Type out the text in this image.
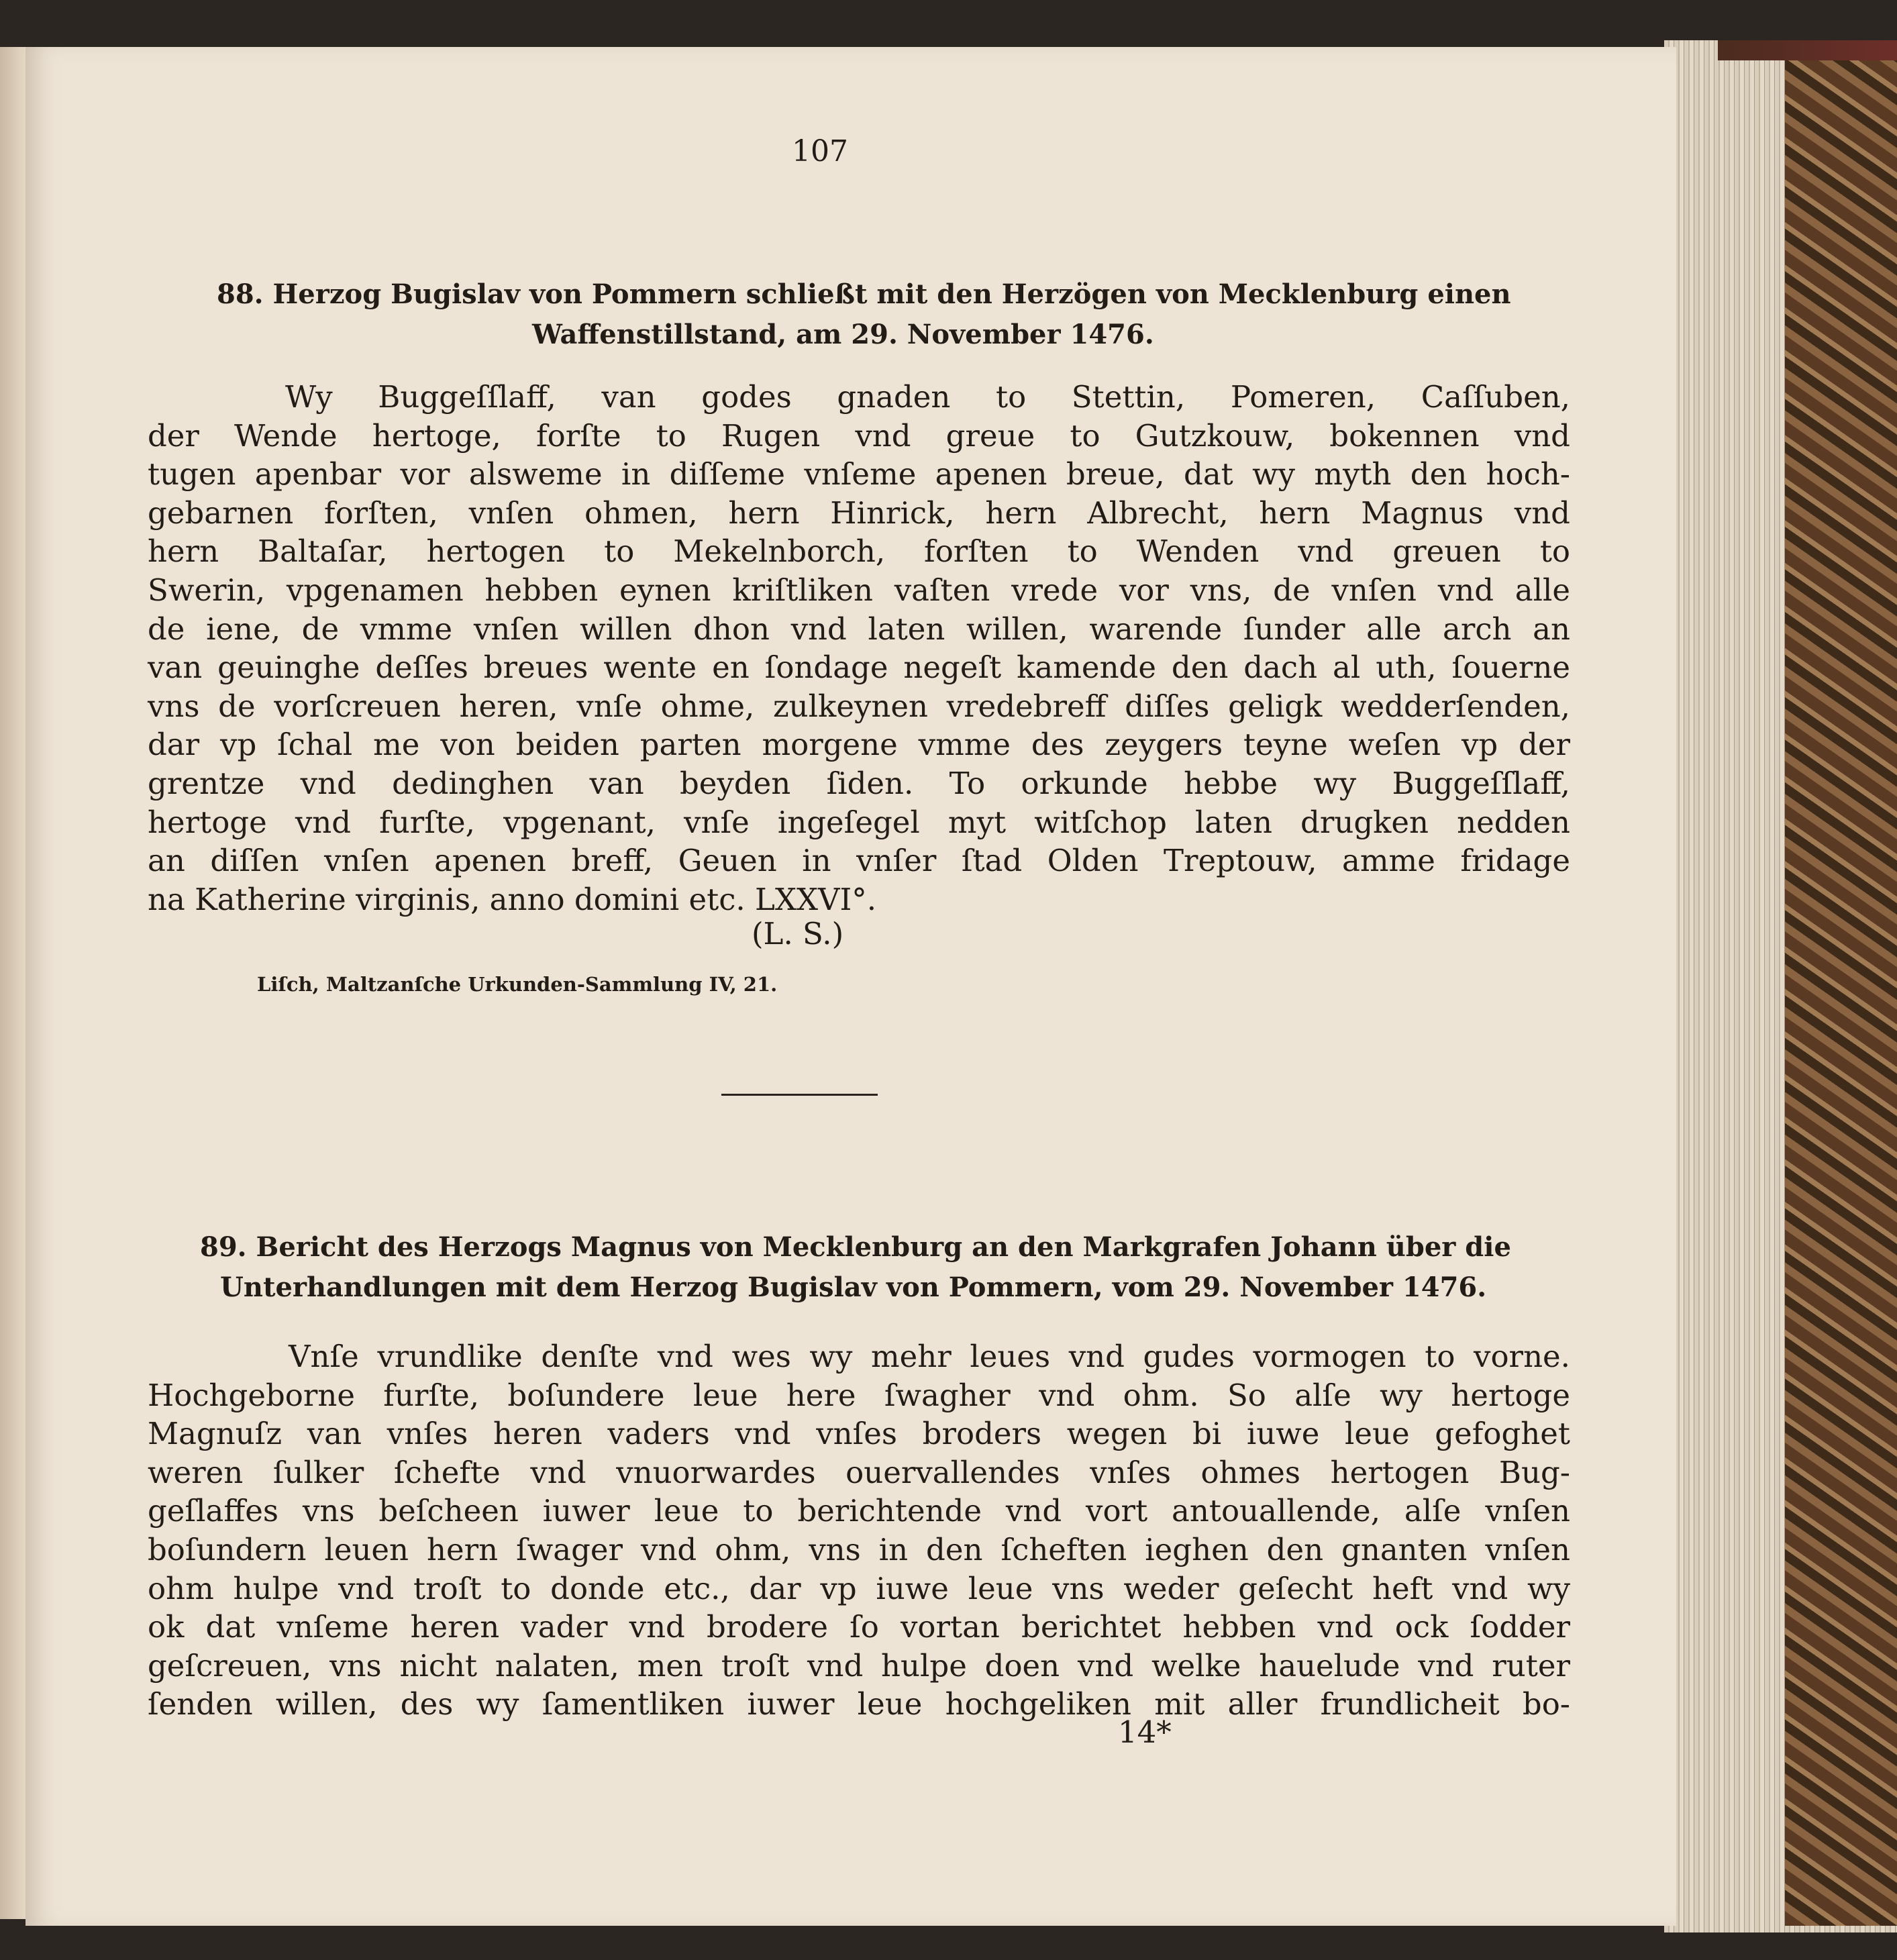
107
88. Herzog Bugislav von Pommern schließt mit den Herzögen von Mecklenburg einen
Waffenstillstand, am 29. November 1476.
Wy Buggeſſlaff, van godes gnaden to Stettin, Pomeren, Caſſuben,
der Wende hertoge, forſte to Rugen vnd greue to Gutzkouw, bokennen vnd
tugen apenbar vor alsweme in diſſeme vnſeme apenen breue, dat wy myth den hoch-
gebarnen forſten, vnſen ohmen, hern Hinrick, hern Albrecht, hern Magnus vnd
hern Baltaſar, hertogen to Mekelnborch, forſten to Wenden vnd greuen to
Swerin, vpgenamen hebben eynen kriſtliken vaſten vrede vor vns, de vnſen vnd alle
de iene, de vmme vnſen willen dhon vnd laten willen, warende ſunder alle arch an
van geuinghe deſſes breues wente en ſondage negeſt kamende den dach al uth, ſouerne
vns de vorſcreuen heren, vnſe ohme, zulkeynen vredebreff diſſes geligk wedderſenden,
dar vp ſchal me von beiden parten morgene vmme des zeygers teyne weſen vp der
grentze vnd dedinghen van beyden ſiden. To orkunde hebbe wy Buggeſſlaff,
hertoge vnd furſte, vpgenant, vnſe ingeſegel myt witſchop laten drugken nedden
an diſſen vnſen apenen breff, Geuen in vnſer ſtad Olden Treptouw, amme fridage
na Katherine virginis, anno domini etc. LXXVI°.
(L. S.)
Liſch, Maltzanſche Urkunden-Sammlung IV, 21.
89. Bericht des Herzogs Magnus von Mecklenburg an den Markgrafen Johann über die
Unterhandlungen mit dem Herzog Bugislav von Pommern, vom 29. November 1476.
Vnſe vrundlike denſte vnd wes wy mehr leues vnd gudes vormogen to vorne.
Hochgeborne furſte, boſundere leue here ſwagher vnd ohm. So alſe wy hertoge
Magnuſz van vnſes heren vaders vnd vnſes broders wegen bi iuwe leue gefoghet
weren ſulker ſchefte vnd vnuorwardes ouervallendes vnſes ohmes hertogen Bug-
geſlaffes vns beſcheen iuwer leue to berichtende vnd vort antouallende, alſe vnſen
boſundern leuen hern ſwager vnd ohm, vns in den ſcheften ieghen den gnanten vnſen
ohm hulpe vnd troſt to donde etc., dar vp iuwe leue vns weder geſecht heft vnd wy
ok dat vnſeme heren vader vnd brodere ſo vortan berichtet hebben vnd ock ſodder
geſcreuen, vns nicht nalaten, men troſt vnd hulpe doen vnd welke hauelude vnd ruter
ſenden willen, des wy ſamentliken iuwer leue hochgeliken mit aller frundlicheit bo-
14*
